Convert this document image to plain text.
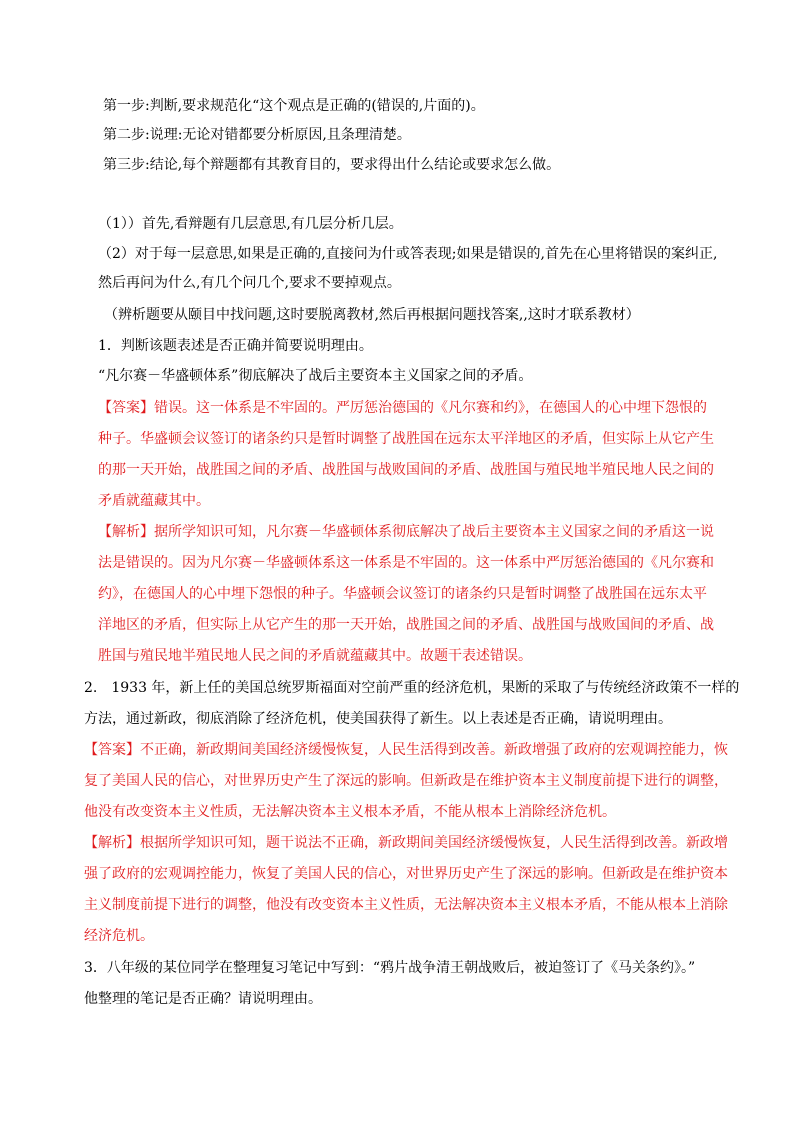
第一步:判断,要求规范化“这个观点是正确的(错误的,片面的)。
第二步:说理:无论对错都要分析原因,且条理清楚。
第三步:结论,每个辩题都有其教育目的，要求得出什么结论或要求怎么做。
（1））首先,看辩题有几层意思,有几层分析几层。
（2）对于每一层意思,如果是正确的,直接问为什或答表现;如果是错误的,首先在心里将错误的案纠正,
然后再问为什么,有几个问几个,要求不要掉观点。
（辨析题要从颐目中找问题,这时要脱离教材,然后再根据问题找答案,,这时才联系教材）
1．判断该题表述是否正确并简要说明理由。
“凡尔赛－华盛顿体系”彻底解决了战后主要资本主义国家之间的矛盾。
【答案】错误。这一体系是不牢固的。严厉惩治德国的《凡尔赛和约》，在德国人的心中埋下怨恨的
种子。华盛顿会议签订的诸条约只是暂时调整了战胜国在远东太平洋地区的矛盾，但实际上从它产生
的那一天开始，战胜国之间的矛盾、战胜国与战败国间的矛盾、战胜国与殖民地半殖民地人民之间的
矛盾就蕴藏其中。
【解析】据所学知识可知，凡尔赛－华盛顿体系彻底解决了战后主要资本主义国家之间的矛盾这一说
法是错误的。因为凡尔赛－华盛顿体系这一体系是不牢固的。这一体系中严厉惩治德国的《凡尔赛和
约》，在德国人的心中埋下怨恨的种子。华盛顿会议签订的诸条约只是暂时调整了战胜国在远东太平
洋地区的矛盾，但实际上从它产生的那一天开始，战胜国之间的矛盾、战胜国与战败国间的矛盾、战
胜国与殖民地半殖民地人民之间的矛盾就蕴藏其中。故题干表述错误。
2.　1933 年，新上任的美国总统罗斯福面对空前严重的经济危机，果断的采取了与传统经济政策不一样的
方法，通过新政，彻底消除了经济危机，使美国获得了新生。以上表述是否正确，请说明理由。
【答案】不正确，新政期间美国经济缓慢恢复，人民生活得到改善。新政增强了政府的宏观调控能力，恢
复了美国人民的信心，对世界历史产生了深远的影响。但新政是在维护资本主义制度前提下进行的调整，
他没有改变资本主义性质，无法解决资本主义根本矛盾，不能从根本上消除经济危机。
【解析】根据所学知识可知，题干说法不正确，新政期间美国经济缓慢恢复，人民生活得到改善。新政增
强了政府的宏观调控能力，恢复了美国人民的信心，对世界历史产生了深远的影响。但新政是在维护资本
主义制度前提下进行的调整，他没有改变资本主义性质，无法解决资本主义根本矛盾，不能从根本上消除
经济危机。
3．八年级的某位同学在整理复习笔记中写到：“鸦片战争清王朝战败后，被迫签订了《马关条约》。”
他整理的笔记是否正确？请说明理由。
